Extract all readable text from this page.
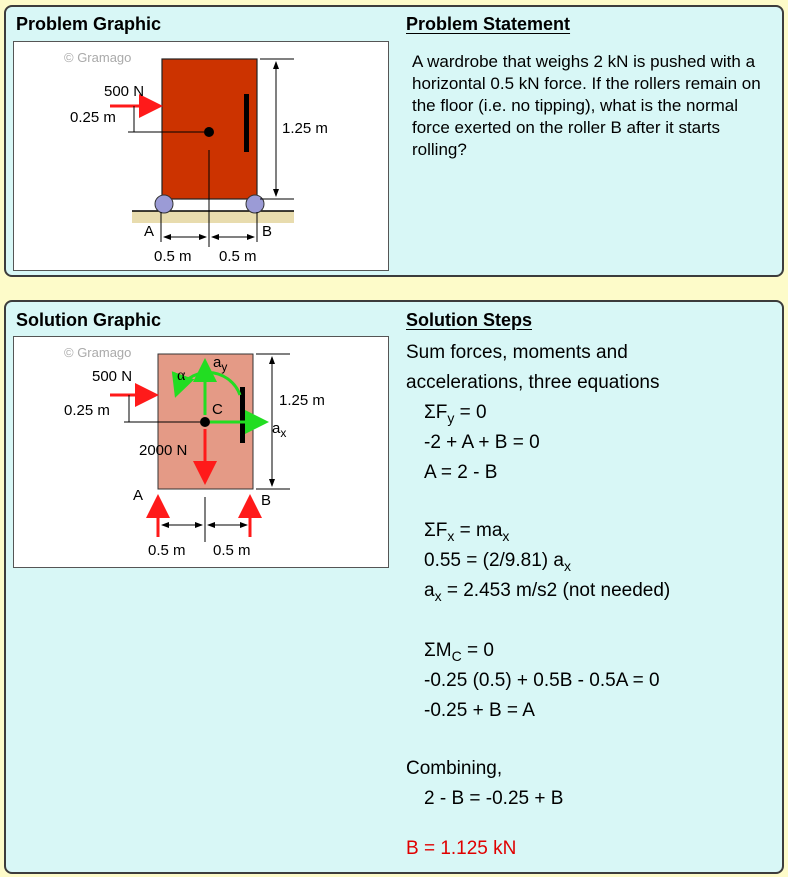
Problem Graphic	Problem Statement
© Gramago
500 N
0.25 m
1.25 m
A	B
0.5 m 0.5 m
A wardrobe that weighs 2 kN is pushed with a horizontal 0.5 kN force. If the rollers remain on the floor (i.e. no tipping), what is the normal force exerted on the roller B after it starts rolling?
Solution Graphic	Solution Steps
© Gramago
α
$a_y$
$a_x$
C
2000 N
500 N
0.25 m
1.25 m
A	B
0.5 m 0.5 m
Sum forces, moments and
accelerations, three equations
$\Sigma F_y = 0$
-2 + A + B = 0
A = 2 - B
$\Sigma F_x = ma_x$
0.55 = (2/9.81) $a_x$
$a_x = 2.453$ m/s2 (not needed)
$\Sigma M_C = 0$
-0.25 (0.5) + 0.5B - 0.5A = 0
-0.25 + B = A
Combining,
2 - B = -0.25 + B
B = 1.125 kN
